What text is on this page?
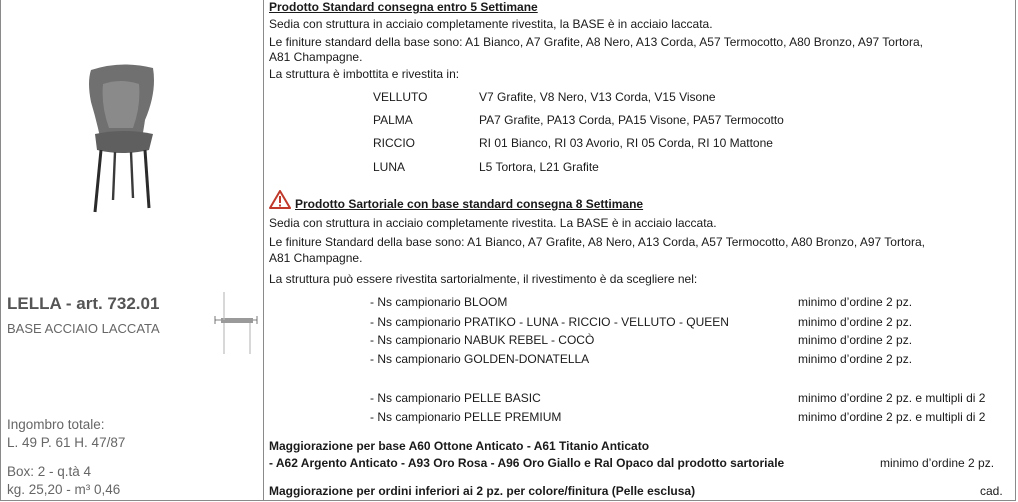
LELLA - art. 732.01
BASE ACCIAIO LACCATA
Ingombro totale:
L. 49 P. 61 H. 47/87
Box: 2 - q.tà 4
kg. 25,20 - m³ 0,46
Prodotto Standard consegna entro 5 Settimane
Sedia con struttura in acciaio completamente rivestita, la BASE è in acciaio laccata.
Le finiture standard della base sono: A1 Bianco, A7 Grafite, A8 Nero, A13 Corda, A57 Termocotto, A80 Bronzo, A97 Tortora,
A81 Champagne.
La struttura è imbottita e rivestita in:
VELLUTO	V7 Grafite, V8 Nero, V13 Corda, V15 Visone
PALMA	PA7 Grafite, PA13 Corda, PA15 Visone, PA57 Termocotto
RICCIO	RI 01 Bianco, RI 03 Avorio, RI 05 Corda, RI 10 Mattone
LUNA	L5 Tortora, L21 Grafite
Prodotto Sartoriale con base standard consegna 8 Settimane
Sedia con struttura in acciaio completamente rivestita. La BASE è in acciaio laccata.
Le finiture Standard della base sono: A1 Bianco, A7 Grafite, A8 Nero, A13 Corda, A57 Termocotto, A80 Bronzo, A97 Tortora,
A81 Champagne.
La struttura può essere rivestita sartorialmente, il rivestimento è da scegliere nel:
- Ns campionario BLOOM	minimo d’ordine 2 pz.
- Ns campionario PRATIKO - LUNA - RICCIO - VELLUTO - QUEEN	minimo d’ordine 2 pz.
- Ns campionario NABUK REBEL - COCÒ	minimo d’ordine 2 pz.
- Ns campionario GOLDEN-DONATELLA	minimo d’ordine 2 pz.
- Ns campionario PELLE BASIC	minimo d’ordine 2 pz. e multipli di 2
- Ns campionario PELLE PREMIUM	minimo d’ordine 2 pz. e multipli di 2
Maggiorazione per base A60 Ottone Anticato - A61 Titanio Anticato
- A62 Argento Anticato - A93 Oro Rosa - A96 Oro Giallo e Ral Opaco dal prodotto sartoriale	minimo d’ordine 2 pz.
Maggiorazione per ordini inferiori ai 2 pz. per colore/finitura (Pelle esclusa)	cad.
